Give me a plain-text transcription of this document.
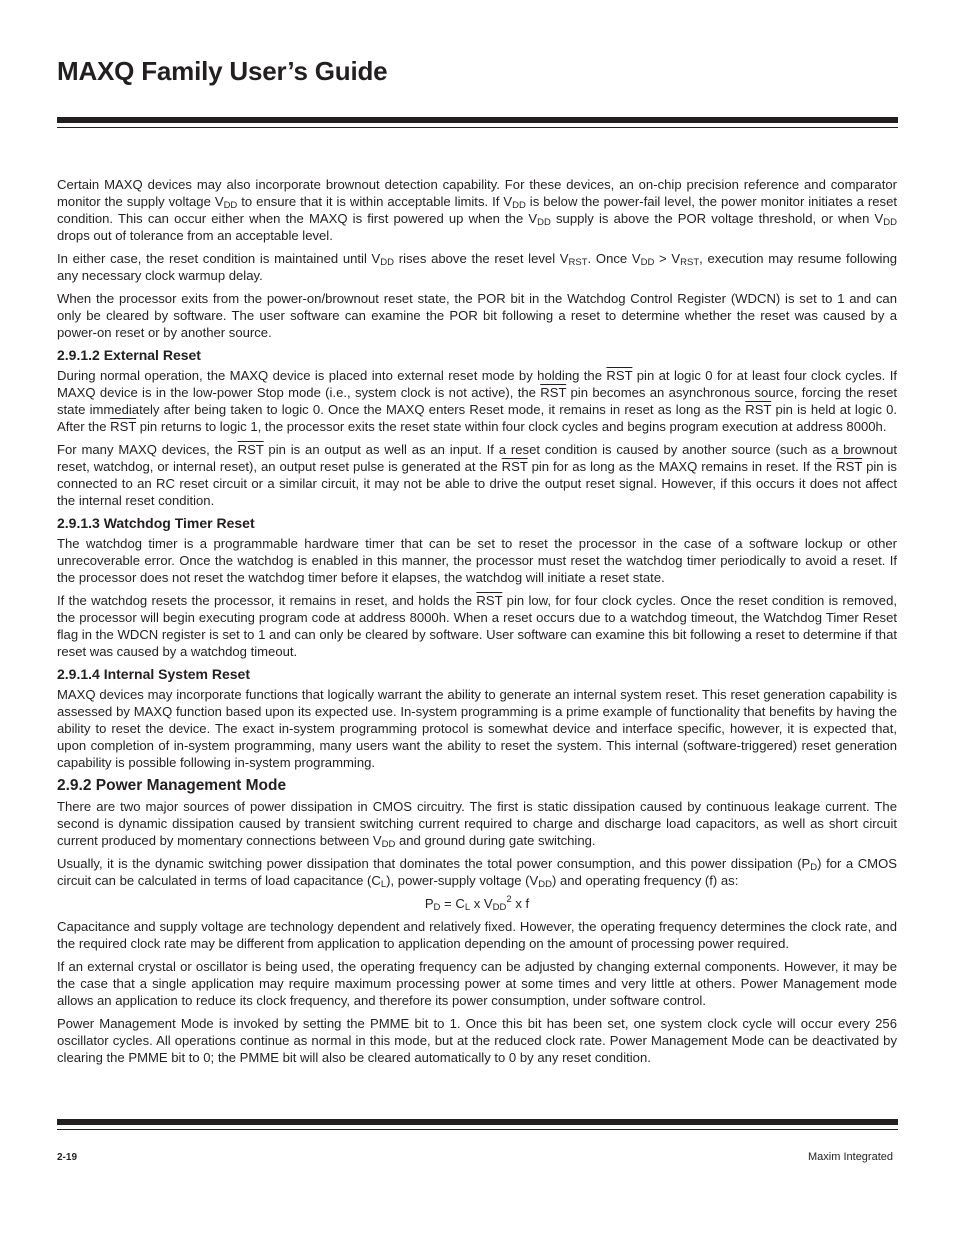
MAXQ Family User’s Guide

Certain MAXQ devices may also incorporate brownout detection capability. For these devices, an on-chip precision reference and comparator monitor the supply voltage $V_{DD}$ to ensure that it is within acceptable limits. If $V_{DD}$ is below the power-fail level, the power monitor initiates a reset condition. This can occur either when the MAXQ is first powered up when the $V_{DD}$ supply is above the POR voltage threshold, or when $V_{DD}$ drops out of tolerance from an acceptable level.

In either case, the reset condition is maintained until $V_{DD}$ rises above the reset level $V_{RST}$. Once $V_{DD} > V_{RST}$, execution may resume following any necessary clock warmup delay.

When the processor exits from the power-on/brownout reset state, the POR bit in the Watchdog Control Register (WDCN) is set to 1 and can only be cleared by software. The user software can examine the POR bit following a reset to determine whether the reset was caused by a power-on reset or by another source.

2.9.1.2 External Reset

During normal operation, the MAXQ device is placed into external reset mode by holding the $\overline{RST}$ pin at logic 0 for at least four clock cycles. If MAXQ device is in the low-power Stop mode (i.e., system clock is not active), the $\overline{RST}$ pin becomes an asynchronous source, forcing the reset state immediately after being taken to logic 0. Once the MAXQ enters Reset mode, it remains in reset as long as the $\overline{RST}$ pin is held at logic 0. After the $\overline{RST}$ pin returns to logic 1, the processor exits the reset state within four clock cycles and begins program execution at address 8000h.

For many MAXQ devices, the $\overline{RST}$ pin is an output as well as an input. If a reset condition is caused by another source (such as a brownout reset, watchdog, or internal reset), an output reset pulse is generated at the $\overline{RST}$ pin for as long as the MAXQ remains in reset. If the $\overline{RST}$ pin is connected to an RC reset circuit or a similar circuit, it may not be able to drive the output reset signal. However, if this occurs it does not affect the internal reset condition.

2.9.1.3 Watchdog Timer Reset

The watchdog timer is a programmable hardware timer that can be set to reset the processor in the case of a software lockup or other unrecoverable error. Once the watchdog is enabled in this manner, the processor must reset the watchdog timer periodically to avoid a reset. If the processor does not reset the watchdog timer before it elapses, the watchdog will initiate a reset state.

If the watchdog resets the processor, it remains in reset, and holds the $\overline{RST}$ pin low, for four clock cycles. Once the reset condition is removed, the processor will begin executing program code at address 8000h. When a reset occurs due to a watchdog timeout, the Watchdog Timer Reset flag in the WDCN register is set to 1 and can only be cleared by software. User software can examine this bit following a reset to determine if that reset was caused by a watchdog timeout.

2.9.1.4 Internal System Reset

MAXQ devices may incorporate functions that logically warrant the ability to generate an internal system reset. This reset generation capability is assessed by MAXQ function based upon its expected use. In-system programming is a prime example of functionality that benefits by having the ability to reset the device. The exact in-system programming protocol is somewhat device and interface specific, however, it is expected that, upon completion of in-system programming, many users want the ability to reset the system. This internal (software-triggered) reset generation capability is possible following in-system programming.

2.9.2 Power Management Mode

There are two major sources of power dissipation in CMOS circuitry. The first is static dissipation caused by continuous leakage current. The second is dynamic dissipation caused by transient switching current required to charge and discharge load capacitors, as well as short circuit current produced by momentary connections between $V_{DD}$ and ground during gate switching.

Usually, it is the dynamic switching power dissipation that dominates the total power consumption, and this power dissipation $(P_D)$ for a CMOS circuit can be calculated in terms of load capacitance $(C_L)$, power-supply voltage $(V_{DD})$ and operating frequency (f) as:

$P_D = C_L$ x $V_{DD}^2$ x f

Capacitance and supply voltage are technology dependent and relatively fixed. However, the operating frequency determines the clock rate, and the required clock rate may be different from application to application depending on the amount of processing power required.

If an external crystal or oscillator is being used, the operating frequency can be adjusted by changing external components. However, it may be the case that a single application may require maximum processing power at some times and very little at others. Power Management mode allows an application to reduce its clock frequency, and therefore its power consumption, under software control.

Power Management Mode is invoked by setting the PMME bit to 1. Once this bit has been set, one system clock cycle will occur every 256 oscillator cycles. All operations continue as normal in this mode, but at the reduced clock rate. Power Management Mode can be deactivated by clearing the PMME bit to 0; the PMME bit will also be cleared automatically to 0 by any reset condition.

2-19	Maxim Integrated
